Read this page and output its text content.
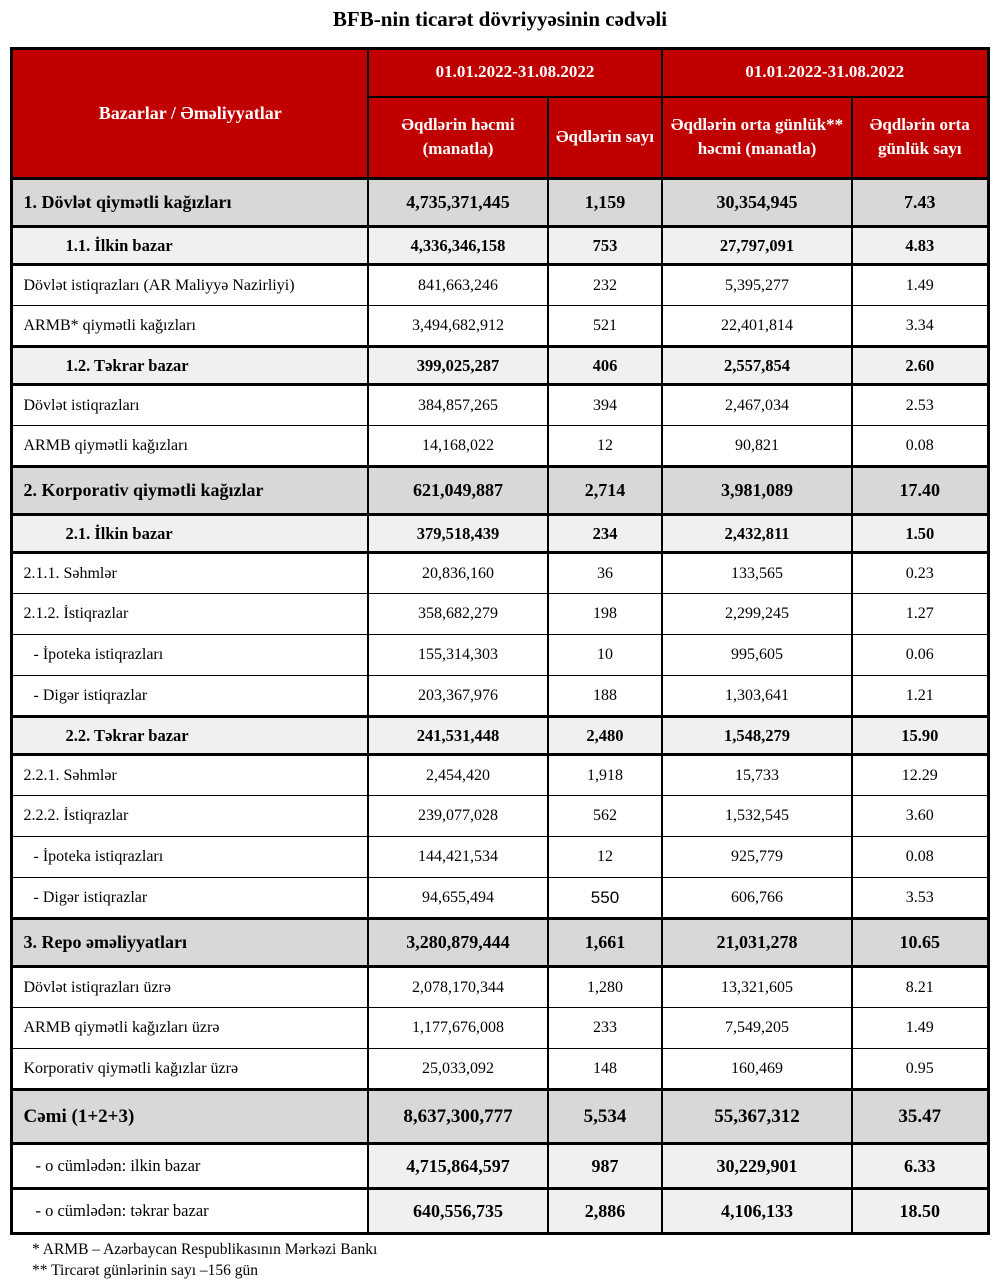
BFB-nin ticarət dövriyyəsinin cədvəli
Bazarlar / Əməliyyatlar	01.01.2022-31.08.2022		01.01.2022-31.08.2022	
	Əqdlərin həcmi (manatla)	Əqdlərin sayı	Əqdlərin orta günlük** həcmi (manatla)	Əqdlərin orta günlük sayı
1. Dövlət qiymətli kağızları	4,735,371,445	1,159	30,354,945	7.43
1.1. İlkin bazar	4,336,346,158	753	27,797,091	4.83
Dövlət istiqrazları (AR Maliyyə Nazirliyi)	841,663,246	232	5,395,277	1.49
ARMB* qiymətli kağızları	3,494,682,912	521	22,401,814	3.34
1.2. Təkrar bazar	399,025,287	406	2,557,854	2.60
Dövlət istiqrazları	384,857,265	394	2,467,034	2.53
ARMB qiymətli kağızları	14,168,022	12	90,821	0.08
2. Korporativ qiymətli kağızlar	621,049,887	2,714	3,981,089	17.40
2.1. İlkin bazar	379,518,439	234	2,432,811	1.50
2.1.1. Səhmlər	20,836,160	36	133,565	0.23
2.1.2. İstiqrazlar	358,682,279	198	2,299,245	1.27
- İpoteka istiqrazları	155,314,303	10	995,605	0.06
- Digər istiqrazlar	203,367,976	188	1,303,641	1.21
2.2. Təkrar bazar	241,531,448	2,480	1,548,279	15.90
2.2.1. Səhmlər	2,454,420	1,918	15,733	12.29
2.2.2. İstiqrazlar	239,077,028	562	1,532,545	3.60
- İpoteka istiqrazları	144,421,534	12	925,779	0.08
- Digər istiqrazlar	94,655,494	550	606,766	3.53
3. Repo əməliyyatları	3,280,879,444	1,661	21,031,278	10.65
Dövlət istiqrazları üzrə	2,078,170,344	1,280	13,321,605	8.21
ARMB qiymətli kağızları üzrə	1,177,676,008	233	7,549,205	1.49
Korporativ qiymətli kağızlar üzrə	25,033,092	148	160,469	0.95
Cəmi (1+2+3)	8,637,300,777	5,534	55,367,312	35.47
- o cümlədən: ilkin bazar	4,715,864,597	987	30,229,901	6.33
- o cümlədən: təkrar bazar	640,556,735	2,886	4,106,133	18.50
* ARMB – Azərbaycan Respublikasının Mərkəzi Bankı
** Tircarət günlərinin sayı –156 gün
